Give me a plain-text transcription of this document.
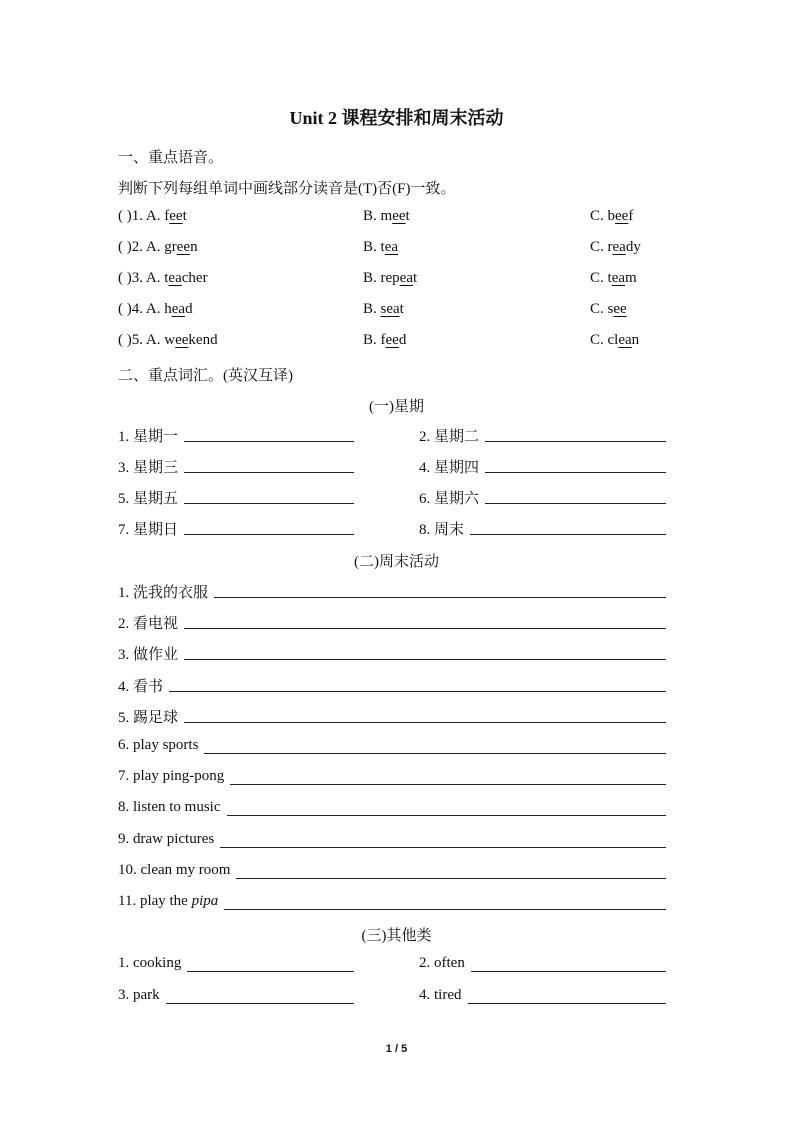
Unit 2 课程安排和周末活动
一、重点语音。
判断下列每组单词中画线部分读音是(T)否(F)一致。
( )1. A. feet	B. meet	C. beef
( )2. A. green	B. tea	C. ready
( )3. A. teacher	B. repeat	C. team
( )4. A. head	B. seat	C. see
( )5. A. weekend	B. feed	C. clean
二、重点词汇。(英汉互译)
(一)星期
1. 星期一	2. 星期二
3. 星期三	4. 星期四
5. 星期五	6. 星期六
7. 星期日	8. 周末
(二)周末活动
1. 洗我的衣服
2. 看电视
3. 做作业
4. 看书
5. 踢足球
6. play sports
7. play ping-pong
8. listen to music
9. draw pictures
10. clean my room
11. play the pipa
(三)其他类
1. cooking	2. often
3. park	4. tired
1 / 5
